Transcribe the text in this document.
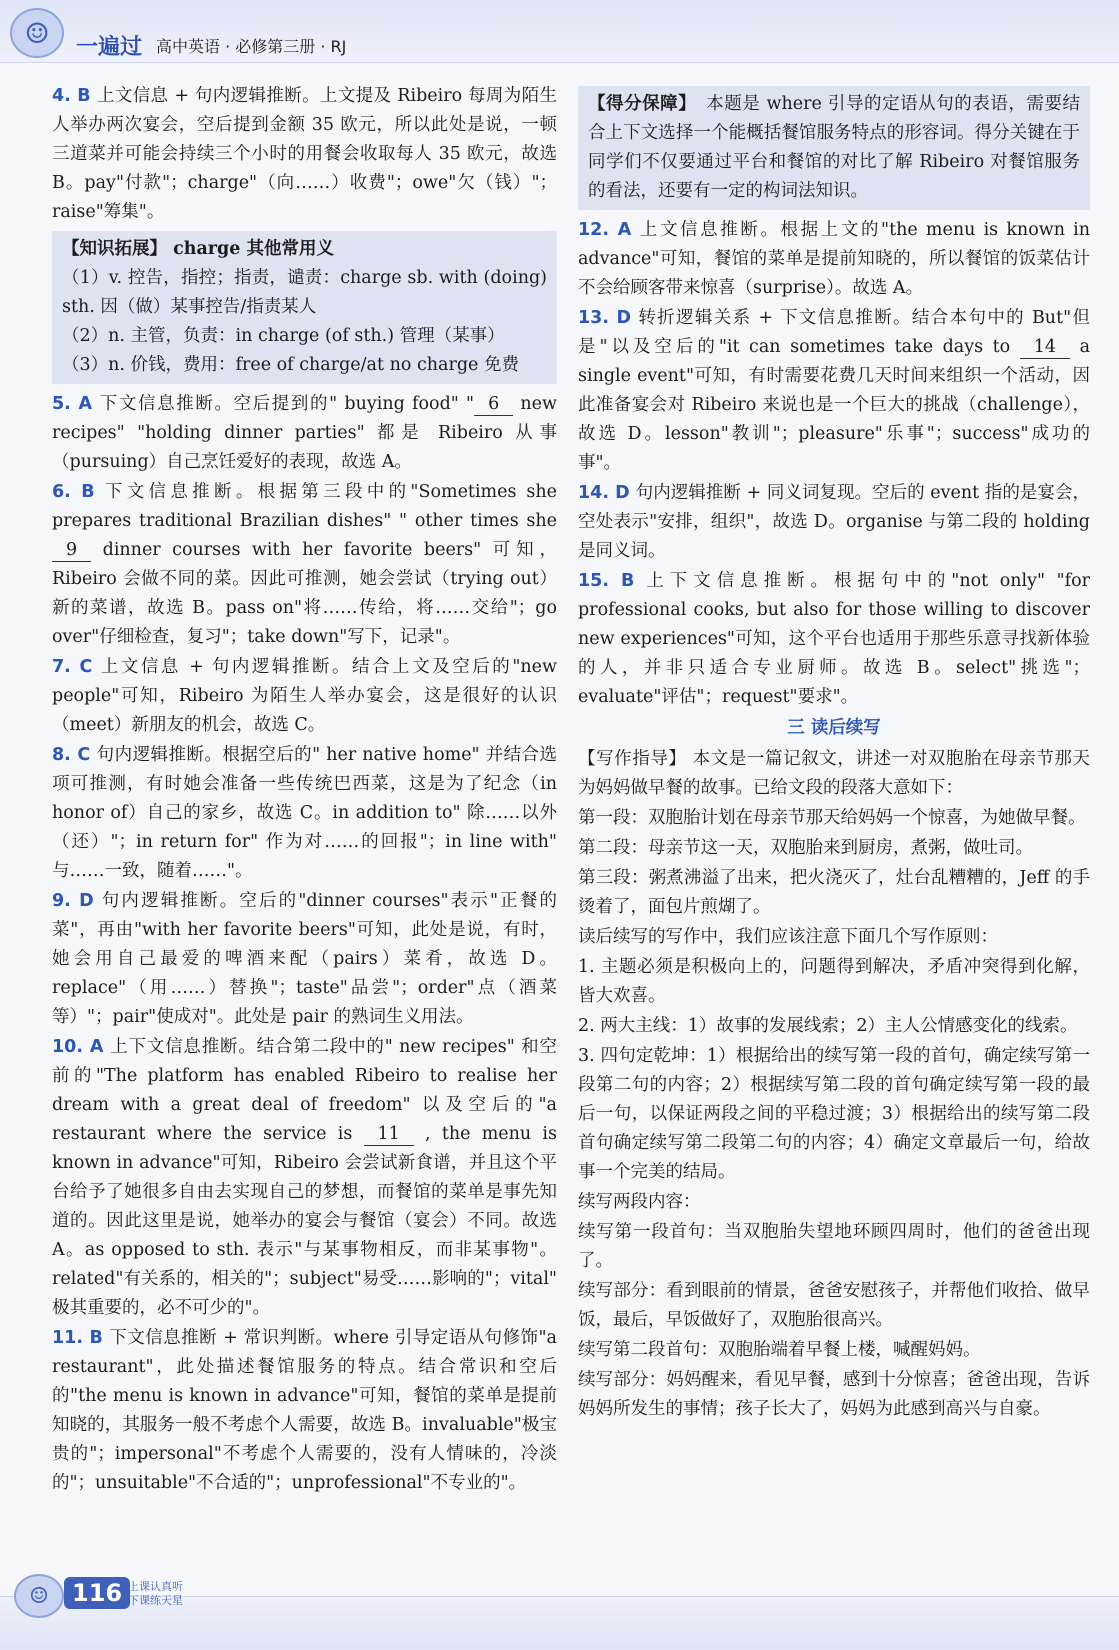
☺	一遍过 高中英语 · 必修第三册 · RJ
4. B 上文信息 + 句内逻辑推断。上文提及 Ribeiro 每周为陌生人举办两次宴会，空后提到金额 35 欧元，所以此处是说，一顿三道菜并可能会持续三个小时的用餐会收取每人 35 欧元，故选 B。pay"付款"；charge"（向……）收费"；owe"欠（钱）"；raise"筹集"。
【知识拓展】 charge 其他常用义
（1）v. 控告，指控；指责，谴责：charge sb. with (doing) sth. 因（做）某事控告/指责某人
（2）n. 主管，负责：in charge (of sth.) 管理（某事）
（3）n. 价钱，费用：free of charge/at no charge 免费
5. A 下文信息推断。空后提到的" buying food" " 6 new recipes" "holding dinner parties" 都是 Ribeiro 从事（pursuing）自己烹饪爱好的表现，故选 A。
6. B 下文信息推断。根据第三段中的"Sometimes she prepares traditional Brazilian dishes" " other times she 9 dinner courses with her favorite beers" 可知，Ribeiro 会做不同的菜。因此可推测，她会尝试（trying out）新的菜谱，故选 B。pass on"将……传给，将……交给"；go over"仔细检查，复习"；take down"写下，记录"。
7. C 上文信息 + 句内逻辑推断。结合上文及空后的"new people"可知，Ribeiro 为陌生人举办宴会，这是很好的认识（meet）新朋友的机会，故选 C。
8. C 句内逻辑推断。根据空后的" her native home" 并结合选项可推测，有时她会准备一些传统巴西菜，这是为了纪念（in honor of）自己的家乡，故选 C。in addition to" 除……以外（还）"；in return for" 作为对……的回报"；in line with" 与……一致，随着……"。
9. D 句内逻辑推断。空后的"dinner courses"表示"正餐的菜"，再由"with her favorite beers"可知，此处是说，有时，她会用自己最爱的啤酒来配（pairs）菜肴，故选 D。replace"（用……）替换"；taste"品尝"；order"点（酒菜等）"；pair"使成对"。此处是 pair 的熟词生义用法。
10. A 上下文信息推断。结合第二段中的" new recipes" 和空前的"The platform has enabled Ribeiro to realise her dream with a great deal of freedom" 以及空后的"a restaurant where the service is 11 , the menu is known in advance"可知，Ribeiro 会尝试新食谱，并且这个平台给予了她很多自由去实现自己的梦想，而餐馆的菜单是事先知道的。因此这里是说，她举办的宴会与餐馆（宴会）不同。故选 A。as opposed to sth. 表示"与某事物相反，而非某事物"。related"有关系的，相关的"；subject"易受……影响的"；vital" 极其重要的，必不可少的"。
11. B 下文信息推断 + 常识判断。where 引导定语从句修饰"a restaurant"，此处描述餐馆服务的特点。结合常识和空后的"the menu is known in advance"可知，餐馆的菜单是提前知晓的，其服务一般不考虑个人需要，故选 B。invaluable"极宝贵的"；impersonal"不考虑个人需要的，没有人情味的，冷淡的"；unsuitable"不合适的"；unprofessional"不专业的"。
【得分保障】 本题是 where 引导的定语从句的表语，需要结合上下文选择一个能概括餐馆服务特点的形容词。得分关键在于同学们不仅要通过平台和餐馆的对比了解 Ribeiro 对餐馆服务的看法，还要有一定的构词法知识。
12. A 上文信息推断。根据上文的"the menu is known in advance"可知，餐馆的菜单是提前知晓的，所以餐馆的饭菜估计不会给顾客带来惊喜（surprise）。故选 A。
13. D 转折逻辑关系 + 下文信息推断。结合本句中的 But"但是"以及空后的"it can sometimes take days to 14 a single event"可知，有时需要花费几天时间来组织一个活动，因此准备宴会对 Ribeiro 来说也是一个巨大的挑战（challenge），故选 D。lesson"教训"；pleasure"乐事"；success"成功的事"。
14. D 句内逻辑推断 + 同义词复现。空后的 event 指的是宴会，空处表示"安排，组织"，故选 D。organise 与第二段的 holding 是同义词。
15. B 上下文信息推断。根据句中的"not only" "for professional cooks, but also for those willing to discover new experiences"可知，这个平台也适用于那些乐意寻找新体验的人，并非只适合专业厨师。故选 B。select"挑选"；evaluate"评估"；request"要求"。
三 读后续写
【写作指导】 本文是一篇记叙文，讲述一对双胞胎在母亲节那天为妈妈做早餐的故事。已给文段的段落大意如下：
第一段：双胞胎计划在母亲节那天给妈妈一个惊喜，为她做早餐。
第二段：母亲节这一天，双胞胎来到厨房，煮粥，做吐司。
第三段：粥煮沸溢了出来，把火浇灭了，灶台乱糟糟的，Jeff 的手烫着了，面包片煎煳了。
读后续写的写作中，我们应该注意下面几个写作原则：
1. 主题必须是积极向上的，问题得到解决，矛盾冲突得到化解，皆大欢喜。
2. 两大主线：1）故事的发展线索；2）主人公情感变化的线索。
3. 四句定乾坤：1）根据给出的续写第一段的首句，确定续写第一段第二句的内容；2）根据续写第二段的首句确定续写第一段的最后一句，以保证两段之间的平稳过渡；3）根据给出的续写第二段首句确定续写第二段第二句的内容；4）确定文章最后一句，给故事一个完美的结局。
续写两段内容：
续写第一段首句：当双胞胎失望地环顾四周时，他们的爸爸出现了。
续写部分：看到眼前的情景，爸爸安慰孩子，并帮他们收拾、做早饭，最后，早饭做好了，双胞胎很高兴。
续写第二段首句：双胞胎端着早餐上楼，喊醒妈妈。
续写部分：妈妈醒来，看见早餐，感到十分惊喜；爸爸出现，告诉妈妈所发生的事情；孩子长大了，妈妈为此感到高兴与自豪。
☺ 116 上课认真听
下课练天星
